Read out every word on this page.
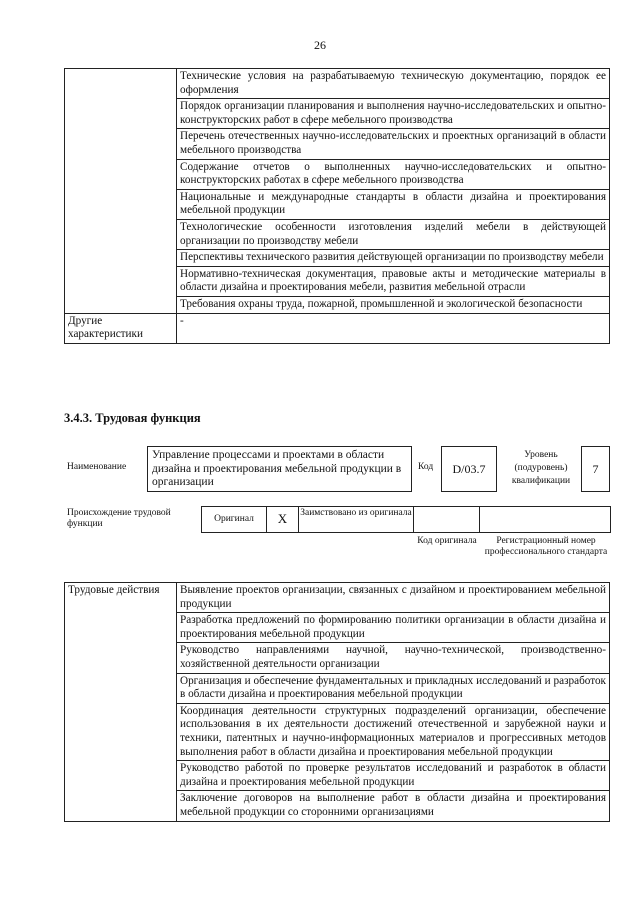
26
	Технические условия на разрабатываемую техническую документацию, порядок ее оформления
	Порядок организации планирования и выполнения научно-исследовательских и опытно-конструкторских работ в сфере мебельного производства
	Перечень отечественных научно-исследовательских и проектных организаций в области мебельного производства
	Содержание отчетов о выполненных научно-исследовательских и опытно-конструкторских работах в сфере мебельного производства
	Национальные и международные стандарты в области дизайна и проектирования мебельной продукции
	Технологические особенности изготовления изделий мебели в действующей организации по производству мебели
	Перспективы технического развития действующей организации по производству мебели
	Нормативно-техническая документация, правовые акты и методические материалы в области дизайна и проектирования мебели, развития мебельной отрасли
	Требования охраны труда, пожарной, промышленной и экологической безопасности
Другие характеристики	-
3.4.3. Трудовая функция
Наименование
Управление процессами и проектами в области дизайна и проектирования мебельной продукции в организации
Код	D/03.7
Уровень (подуровень) квалификации
7
Происхождение трудовой функции	Оригинал	X	Заимствовано из оригинала
Код оригинала	Регистрационный номер профессионального стандарта
Трудовые действия	Выявление проектов организации, связанных с дизайном и проектированием мебельной продукции
Разработка предложений по формированию политики организации в области дизайна и проектирования мебельной продукции
Руководство направлениями научной, научно-технической, производственно-хозяйственной деятельности организации
Организация и обеспечение фундаментальных и прикладных исследований и разработок в области дизайна и проектирования мебельной продукции
Координация деятельности структурных подразделений организации, обеспечение использования в их деятельности достижений отечественной и зарубежной науки и техники, патентных и научно-информационных материалов и прогрессивных методов выполнения работ в области дизайна и проектирования мебельной продукции
Руководство работой по проверке результатов исследований и разработок в области дизайна и проектирования мебельной продукции
Заключение договоров на выполнение работ в области дизайна и проектирования мебельной продукции со сторонними организациями
